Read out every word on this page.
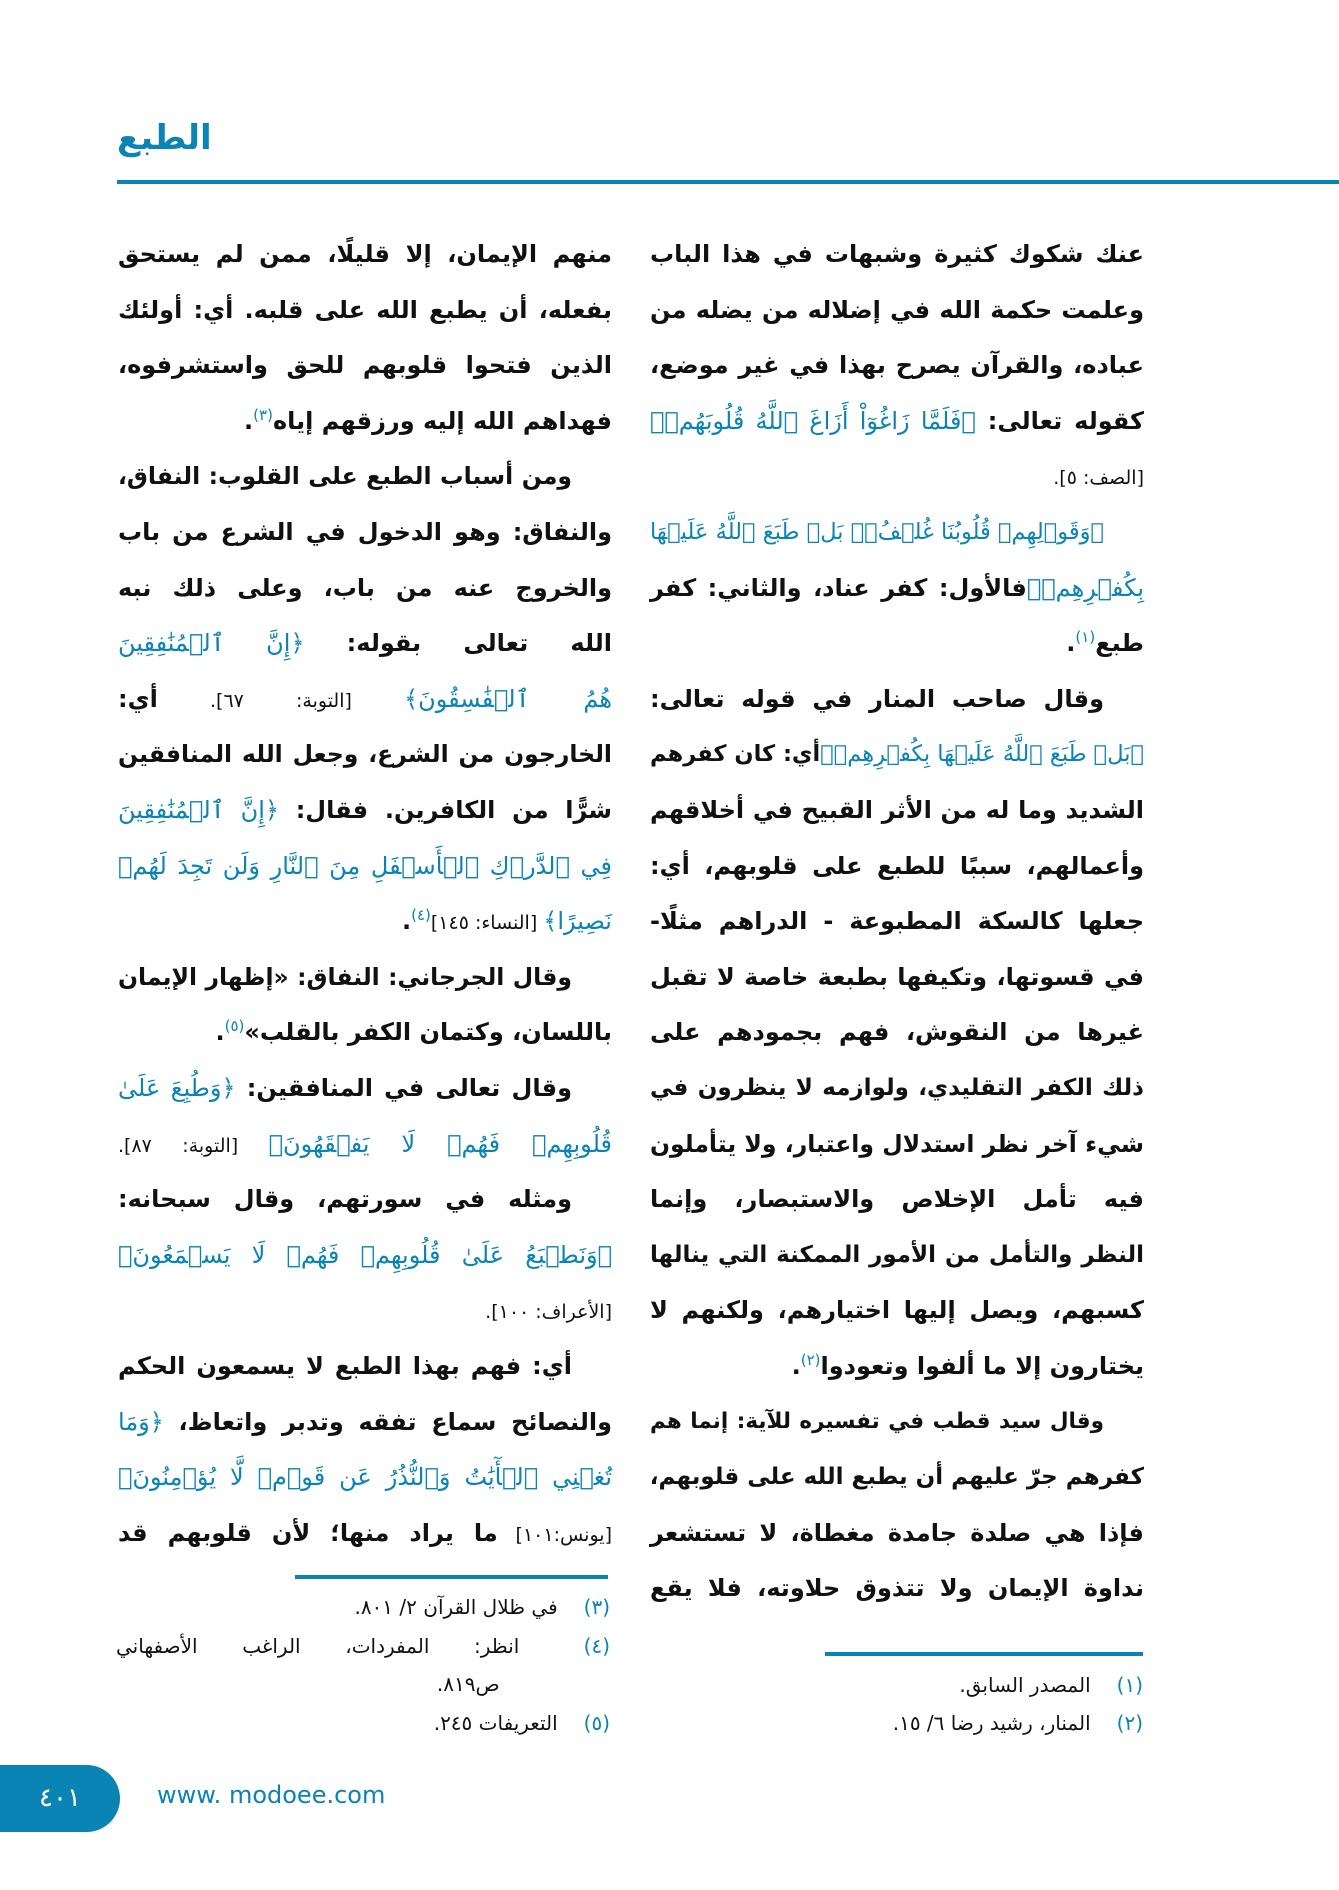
الطبع
عنك شكوك كثيرة وشبهات في هذا الباب
وعلمت حكمة الله في إضلاله من يضله من
عباده، والقرآن يصرح بهذا في غير موضع،
كقوله تعالى: ﴿فَلَمَّا زَاغُوٓاْ أَزَاغَ ٱللَّهُ قُلُوبَهُمۡ﴾
[الصف: ٥].
﴿وَقَوۡلِهِمۡ قُلُوبُنَا غُلۡفُۢۚ بَلۡ طَبَعَ ٱللَّهُ عَلَيۡهَا
بِكُفۡرِهِمۡ﴾فالأول: كفر عناد، والثاني: كفر
طبع$^{(١)}$.
وقال صاحب المنار في قوله تعالى:
﴿بَلۡ طَبَعَ ٱللَّهُ عَلَيۡهَا بِكُفۡرِهِمۡ﴾أي: كان كفرهم
الشديد وما له من الأثر القبيح في أخلاقهم
وأعمالهم، سببًا للطبع على قلوبهم، أي:
جعلها كالسكة المطبوعة - الدراهم مثلًا-
في قسوتها، وتكيفها بطبعة خاصة لا تقبل
غيرها من النقوش، فهم بجمودهم على
ذلك الكفر التقليدي، ولوازمه لا ينظرون في
شيء آخر نظر استدلال واعتبار، ولا يتأملون
فيه تأمل الإخلاص والاستبصار، وإنما
النظر والتأمل من الأمور الممكنة التي ينالها
كسبهم، ويصل إليها اختيارهم، ولكنهم لا
يختارون إلا ما ألفوا وتعودوا$^{(٢)}$.
وقال سيد قطب في تفسيره للآية: إنما هم
كفرهم جرّ عليهم أن يطبع الله على قلوبهم،
فإذا هي صلدة جامدة مغطاة، لا تستشعر
نداوة الإيمان ولا تتذوق حلاوته، فلا يقع
منهم الإيمان، إلا قليلًا، ممن لم يستحق
بفعله، أن يطبع الله على قلبه. أي: أولئك
الذين فتحوا قلوبهم للحق واستشرفوه،
فهداهم الله إليه ورزقهم إياه$^{(٣)}$.
ومن أسباب الطبع على القلوب: النفاق،
والنفاق: وهو الدخول في الشرع من باب
والخروج عنه من باب، وعلى ذلك نبه
الله تعالى بقوله: ﴿إِنَّ ٱلۡمُنَٰفِقِينَ
هُمُ ٱلۡفَٰسِقُونَ﴾ [التوبة: ٦٧]. أي:
الخارجون من الشرع، وجعل الله المنافقين
شرًّا من الكافرين. فقال: ﴿إِنَّ ٱلۡمُنَٰفِقِينَ
فِي ٱلدَّرۡكِ ٱلۡأَسۡفَلِ مِنَ ٱلنَّارِ وَلَن تَجِدَ لَهُمۡ
نَصِيرًا﴾ [النساء: ١٤٥]$^{(٤)}$.
وقال الجرجاني: النفاق: «إظهار الإيمان
باللسان، وكتمان الكفر بالقلب»$^{(٥)}$.
وقال تعالى في المنافقين: ﴿وَطُبِعَ عَلَىٰ
قُلُوبِهِمۡ فَهُمۡ لَا يَفۡقَهُونَ﴾ [التوبة: ٨٧].
ومثله في سورتهم، وقال سبحانه:
﴿وَنَطۡبَعُ عَلَىٰ قُلُوبِهِمۡ فَهُمۡ لَا يَسۡمَعُونَ﴾
[الأعراف: ١٠٠].
أي: فهم بهذا الطبع لا يسمعون الحكم
والنصائح سماع تفقه وتدبر واتعاظ، ﴿وَمَا
تُغۡنِي ٱلۡأٓيَٰتُ وَٱلنُّذُرُ عَن قَوۡمٖ لَّا يُؤۡمِنُونَ﴾
[يونس:١٠١] ما يراد منها؛ لأن قلوبهم قد
(١) المصدر السابق.
(٢) المنار، رشيد رضا ٦/ ١٥.
(٣) في ظلال القرآن ٢/ ٨٠١.
(٤) انظر: المفردات، الراغب الأصفهاني
ص٨١٩.
(٥) التعريفات ٢٤٥.
٤٠١	www. modoee.com
